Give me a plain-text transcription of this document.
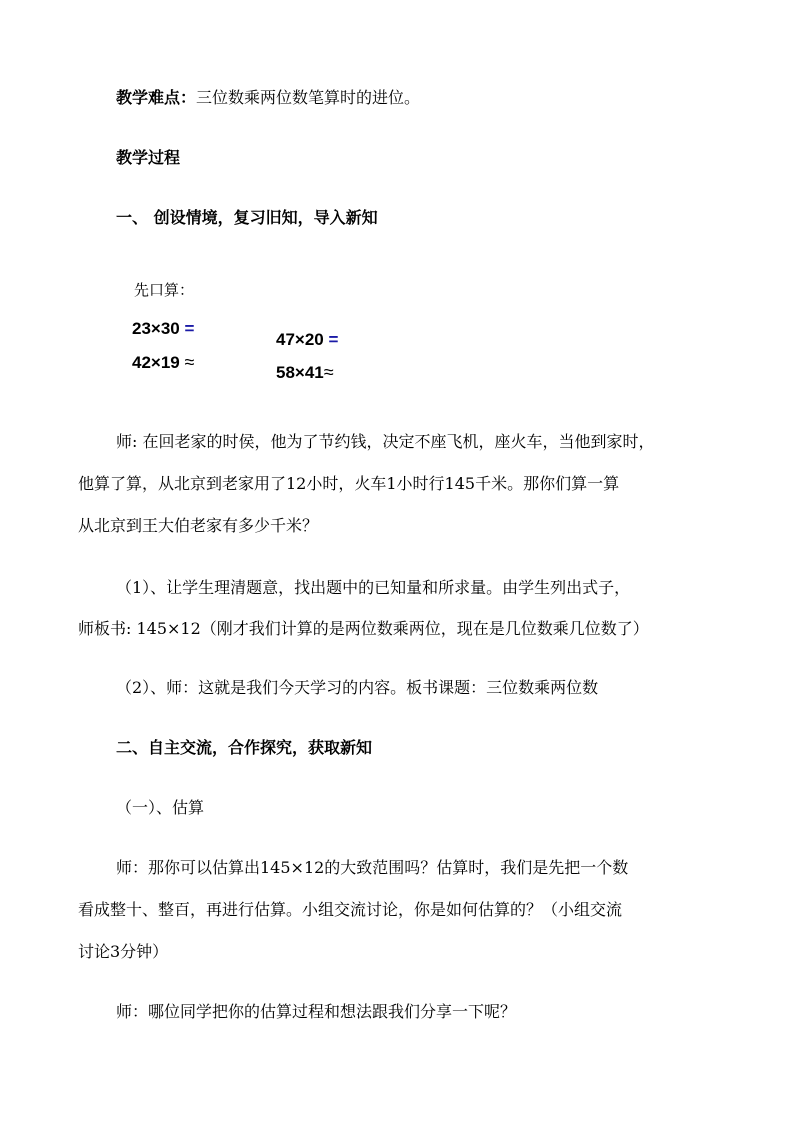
教学难点：三位数乘两位数笔算时的进位。
教学过程
一、 创设情境，复习旧知，导入新知
先口算：
23×30 =
42×19 ≈
47×20 =
58×41≈
师: 在回老家的时侯，他为了节约钱，决定不座飞机，座火车，当他到家时，
他算了算，从北京到老家用了12小时，火车1小时行145千米。那你们算一算
从北京到王大伯老家有多少千米？
（1）、让学生理清题意，找出题中的已知量和所求量。由学生列出式子，
师板书: 145×12（刚才我们计算的是两位数乘两位，现在是几位数乘几位数了）
（2）、师：这就是我们今天学习的内容。板书课题：三位数乘两位数
二、自主交流，合作探究，获取新知
（一）、估算
师：那你可以估算出145×12的大致范围吗？估算时，我们是先把一个数
看成整十、整百，再进行估算。小组交流讨论，你是如何估算的？（小组交流
讨论3分钟）
师：哪位同学把你的估算过程和想法跟我们分享一下呢？
